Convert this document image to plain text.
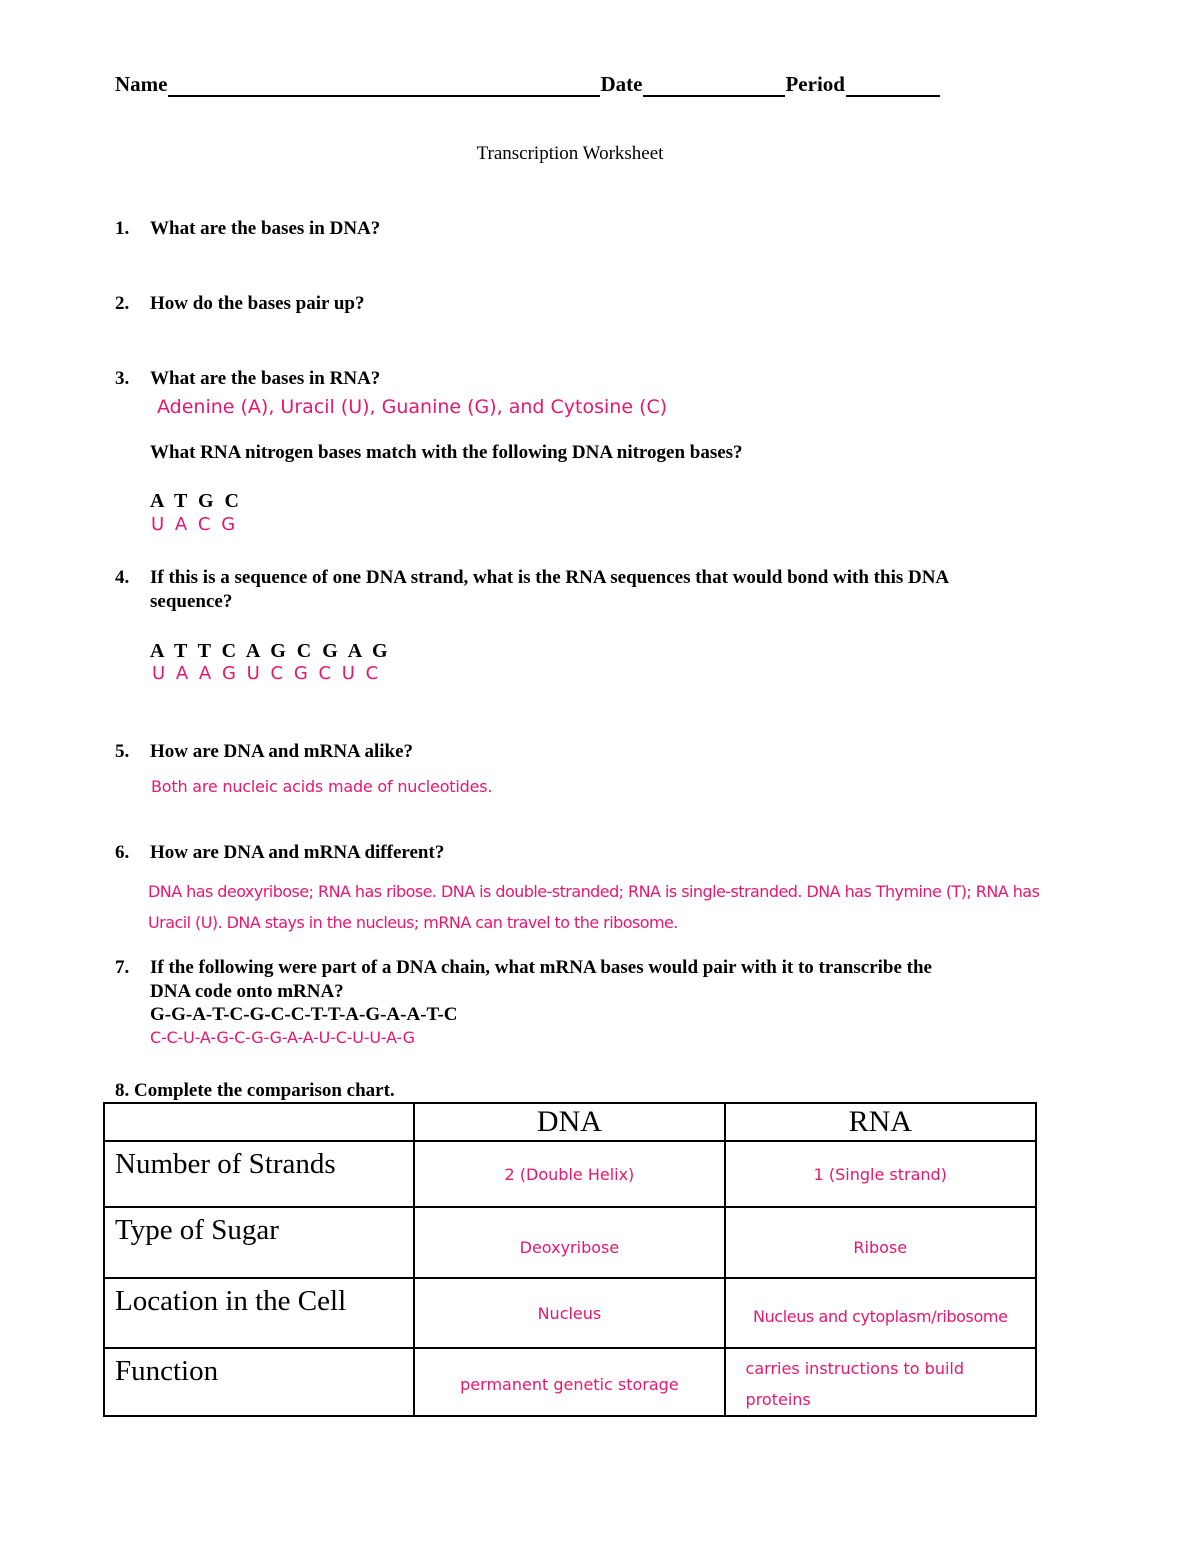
Name	Date	Period
Transcription Worksheet
1. What are the bases in DNA?
2. How do the bases pair up?
3. What are the bases in RNA?
Adenine (A), Uracil (U), Guanine (G), and Cytosine (C)
What RNA nitrogen bases match with the following DNA nitrogen bases?
A T G C
U A C G
4. If this is a sequence of one DNA strand, what is the RNA sequences that would bond with this DNA
sequence?
A T T C A G C G A G
U A A G U C G C U C
5. How are DNA and mRNA alike?
Both are nucleic acids made of nucleotides.
6. How are DNA and mRNA different?
DNA has deoxyribose; RNA has ribose. DNA is double-stranded; RNA is single-stranded. DNA has Thymine (T); RNA has
Uracil (U). DNA stays in the nucleus; mRNA can travel to the ribosome.
7. If the following were part of a DNA chain, what mRNA bases would pair with it to transcribe the
DNA code onto mRNA?
G-G-A-T-C-G-C-C-T-T-A-G-A-A-T-C
C-C-U-A-G-C-G-G-A-A-U-C-U-U-A-G
8. Complete the comparison chart.
	DNA	RNA
Number of Strands	2 (Double Helix)	1 (Single strand)
Type of Sugar	Deoxyribose	Ribose
Location in the Cell	Nucleus	Nucleus and cytoplasm/ribosome
Function	permanent genetic storage	carries instructions to build proteins
